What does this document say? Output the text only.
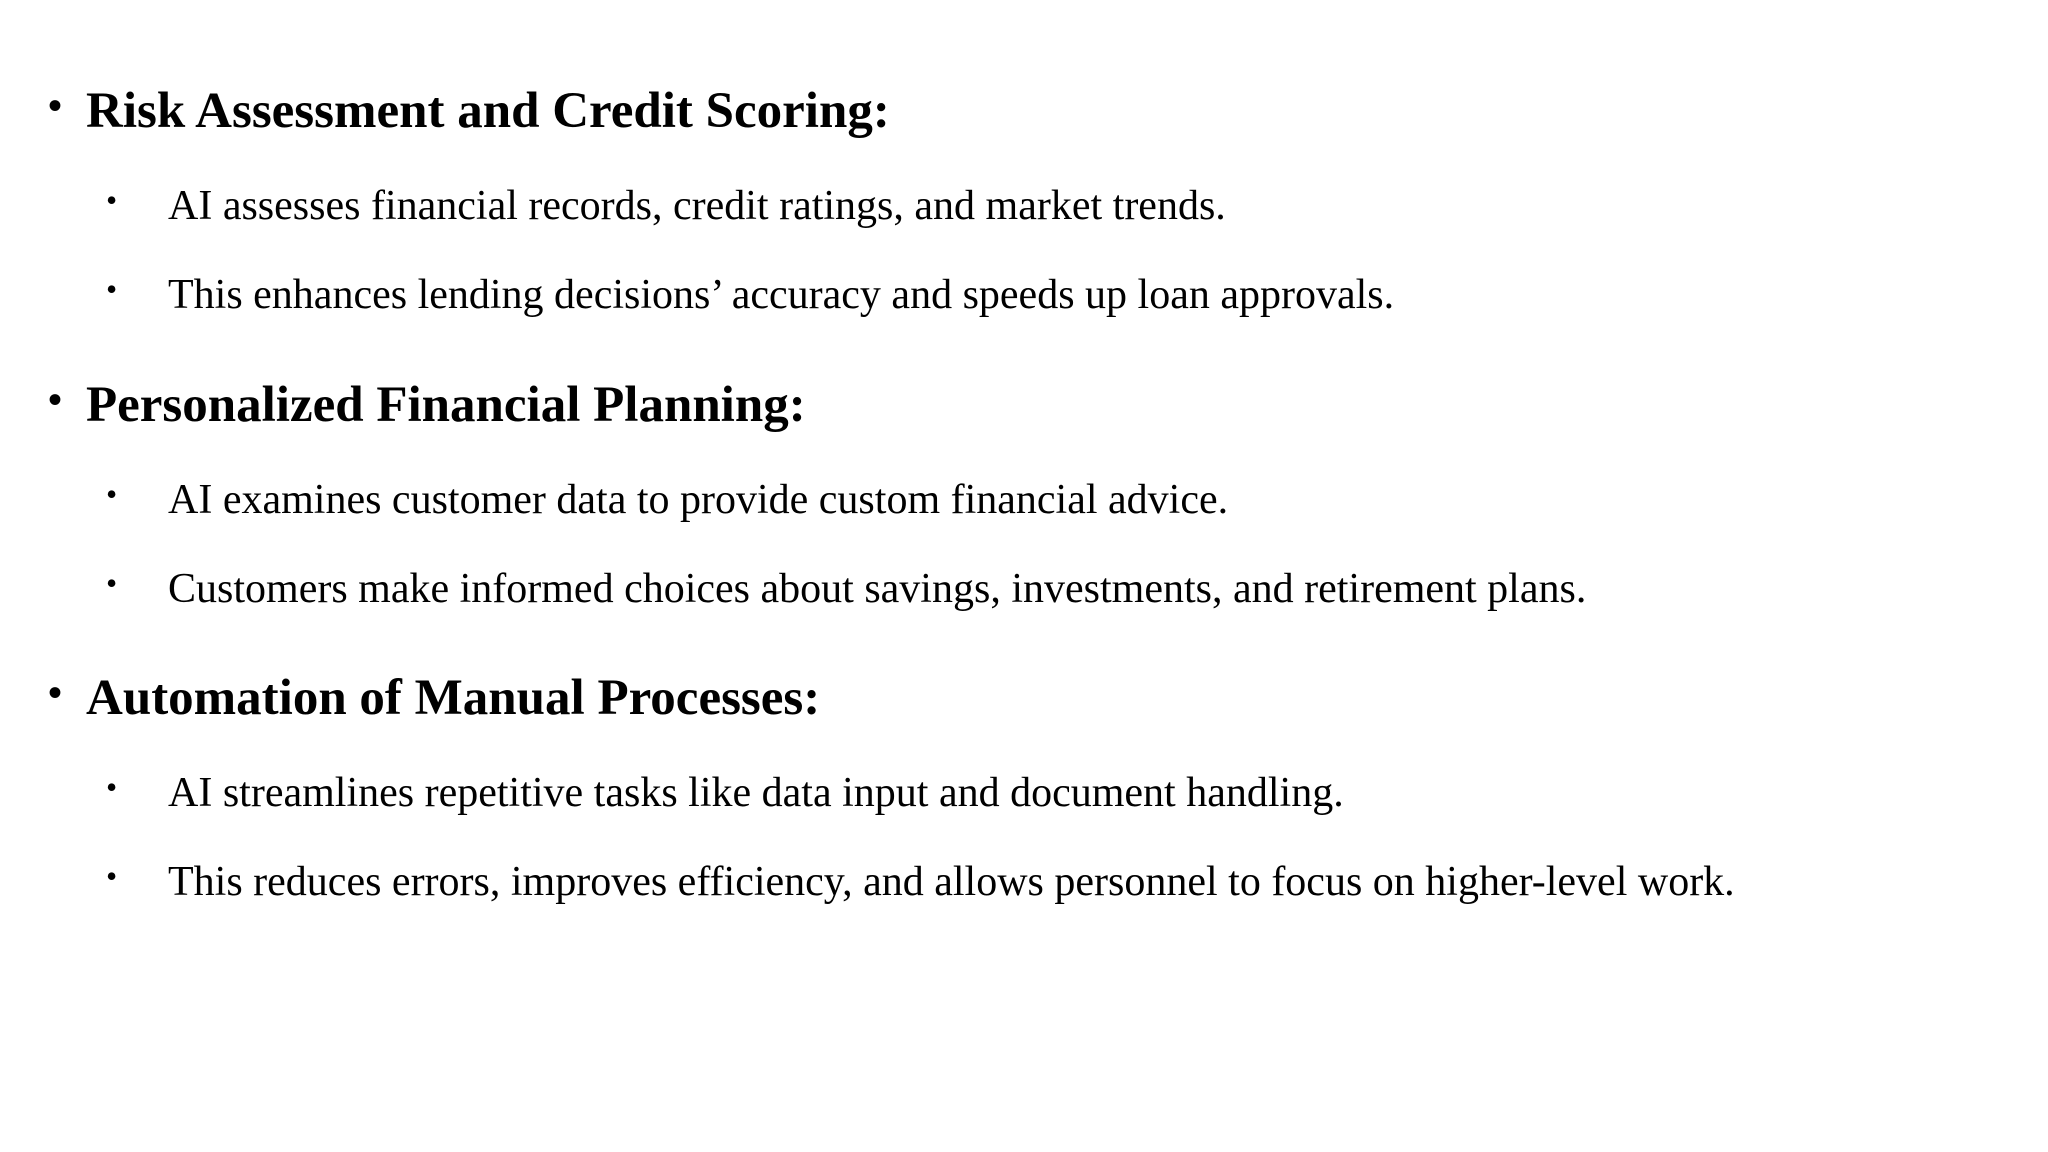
• Risk Assessment and Credit Scoring:
• AI assesses financial records, credit ratings, and market trends.
• This enhances lending decisions’ accuracy and speeds up loan approvals.
• Personalized Financial Planning:
• AI examines customer data to provide custom financial advice.
• Customers make informed choices about savings, investments, and retirement plans.
• Automation of Manual Processes:
• AI streamlines repetitive tasks like data input and document handling.
• This reduces errors, improves efficiency, and allows personnel to focus on higher-level work.
